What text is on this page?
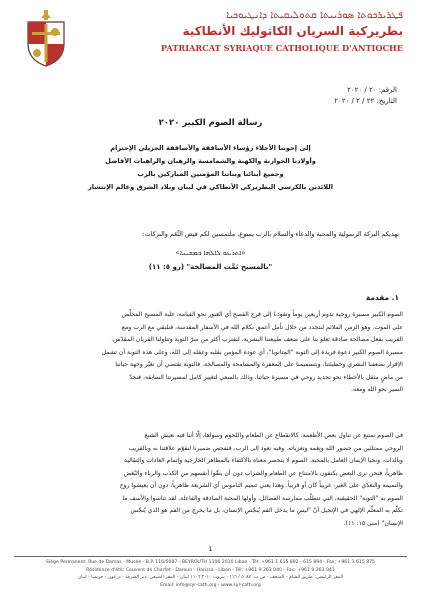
ܦܛܪܝܪܟܘܬܐ ܣܘܪܝܝܬܐ ܩܬܘܠܝܩܝܬܐ ܕܐܢܛܝܘܟܝܐ
بطريركية السريان الكاثوليك الأنطاكية
PATRIARCAT SYRIAQUE CATHOLIQUE D'ANTIOCHE
الرقم: ٢٠ / ٢٠٢٠
التاريخ: ٢٢ / ٢ / ٢٠٢٠
رسالة الصوم الكبير ٢٠٢٠
إلى إخوتنا الأجلاء رؤساء الأساقفة والأساقفة الجزيلي الإحترام
وأولادنا الخوارنة والكهنة والشمامسة والرهبان والراهبات الأفاضل
وجميع أبنائنا وبناتنا المؤمنين المباركين بالرب
اللائذين بالكرسي البطريركي الأنطاكي في لبنان وبلاد الشرق وعالم الإنتشار
نهديكم البركة الرسولية والمحبة والدعاء والسلام بالرب يسوع، ملتمسين لكم فيض النِّعَم والبركات:
«ܐܬܪܥܘ ܠܐܠܗܐ ܒܡܫܝܚܐ»
"بالمسيح تَمَّت المصالحة" (رو ٥: ١١)
١. مقدمة
الصوم الكبير مسيرة روحية تدوم أربعين يوماً وتقودنا إلى فرح الفصح أي العبور نحو القيامة، غلبة المسيح المخلِّص
على الموت. وهو الزمن الملائم لنتجدد من خلال تأمل أعمق بكلام الله في الأسفار المقدسة، فنلتقي مع الرب ومع
القريب بفعل مصالحة صادقة تعلو بنا على ضعف طبيعتنا البشرية، لنقترب أكثر من سرّ التوبة وتناولنا القربان المقدّس.
مسيرة الصوم الكبير دعوة فريدة إلى التوبة "المِتانويا"، أي عودة المؤمن بقلبه وعقله إلى الله، وعلى هذه التوبة أن تشمل
الإقرار بضعفنا البشري وخطيئتنا، وبتسميمنا على المغفرة والمسامحة والمصالحة. فالتوبة تقتضي أن نغيّر وجهة حياتنا
من ماضٍ مثقل بالأخطاء نحو تجديد روحي في مسيرة حياتنا، وذلك بالسعي لتغيير كامل لمسيرتنا السابقة، فنجدّ
السير نحو الله ومعه.
في الصوم نمتنع عن تناول بعض الأطعمة، كالانقطاع عن الطعام واللحوم وسواها، إلّا أننا فيه نعيش الشبع
الروحي ممتلئين من حضور الله ونِعَمه وتعزياته. وفيه نعود إلى الرب، فنفحص ضميرنا لنقوّم علاقتنا به وبالقريب
وبالذات، ونحيا الإيمان العامل بالمحبة. الصوم لا ينحصر معناه بالاكتفاء بالمظاهر الخارجية وإتمام العادات والتقاليد
ظاهرياً، فنحن نرى البعض يكتفون بالامتناع عن الطعام والشراب دون أن ينقّوا أنفسهم من الكذب والرياء والبُغض
والنميمة والتعدّي على الغير، غريباً كان أو قريباً. وهذا يعني تتميم الناموس أي الشريعة ظاهرياً، دون أن يعيشوا روح
الصوم به "التوبة" الحقيقية، التي تتطلّب ممارسة الفضائل، وأولها المحبة الصادقة والفاعلة. لقد تناسوا والأسف ما
تكلّم به المعلّم الإلهي في الإنجيل أنّ "ليس ما يدخل الفم يُنجّس الإنسان، بل ما يخرج من الفم هو الذي يُنجّس
الإنسان" (متى ١٥: ١١).
1
Siège Permanent: Rue de Damas - Musée - B.P. 116/5087 - BEYROUTH 1106 2010 Liban - Tél: +961 1 615 892 - 615 894 - Fax: +961 1 615 875
Résidence d'été: Couvent de Charfet - Daroun - Harissa - Liban - Tél: +961 9 263 040 - Fax: +961 9 263 041
المقر الرئيسي: طريق الشام - المتحف - ص.ب. ٥٠٨٧ / ١١٦ - بيروت ٢٠١٠ ١١٠٦ لبنان - المقر الصيفي: دير الشرفة - درعون - حريصا - لبنان
Email: info@syr-cath.org - www.syr-cath.org
